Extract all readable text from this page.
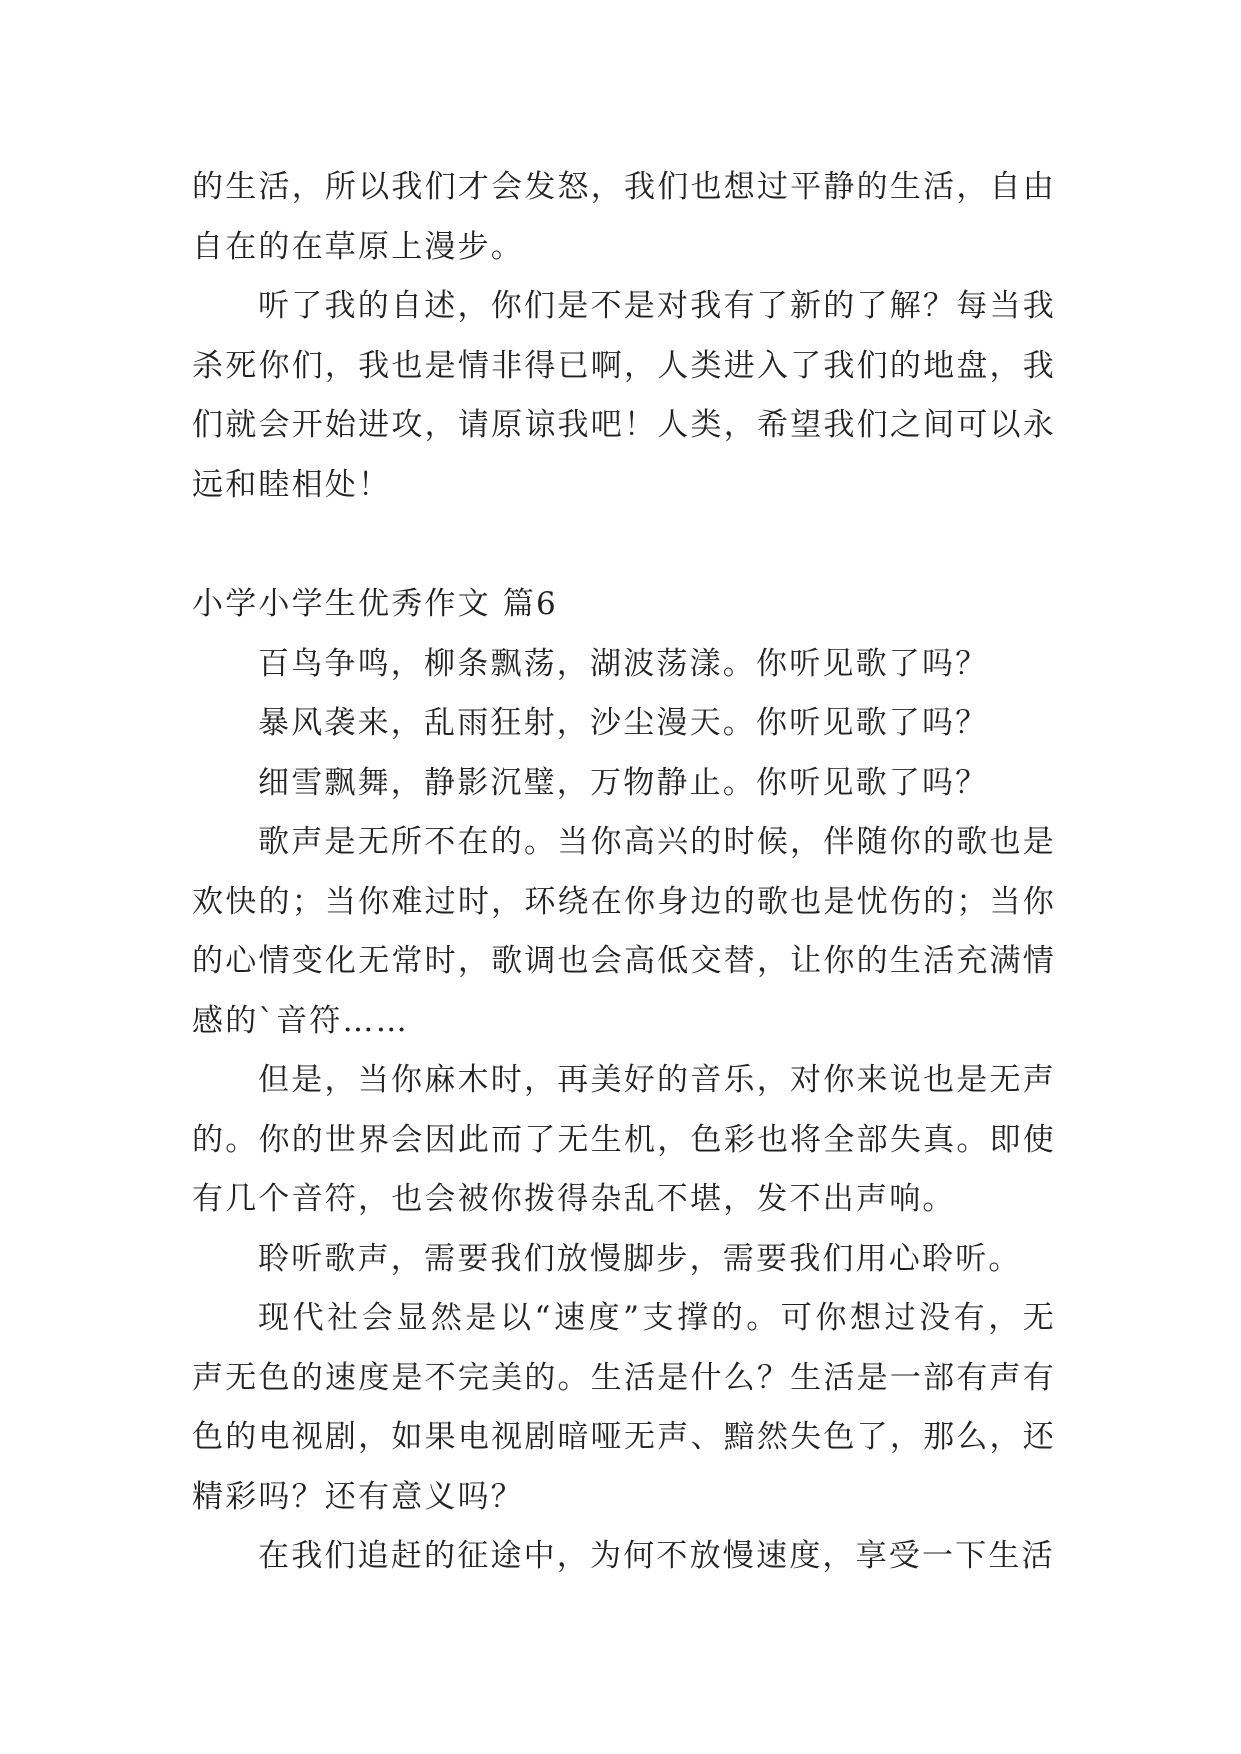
的生活，所以我们才会发怒，我们也想过平静的生活，自由自在的在草原上漫步。

听了我的自述，你们是不是对我有了新的了解？每当我杀死你们，我也是情非得已啊，人类进入了我们的地盘，我们就会开始进攻，请原谅我吧！人类，希望我们之间可以永远和睦相处！

小学小学生优秀作文 篇6

百鸟争鸣，柳条飘荡，湖波荡漾。你听见歌了吗？

暴风袭来，乱雨狂射，沙尘漫天。你听见歌了吗？

细雪飘舞，静影沉璧，万物静止。你听见歌了吗？

歌声是无所不在的。当你高兴的时候，伴随你的歌也是欢快的；当你难过时，环绕在你身边的歌也是忧伤的；当你的心情变化无常时，歌调也会高低交替，让你的生活充满情感的`音符……

但是，当你麻木时，再美好的音乐，对你来说也是无声的。你的世界会因此而了无生机，色彩也将全部失真。即使有几个音符，也会被你拨得杂乱不堪，发不出声响。

聆听歌声，需要我们放慢脚步，需要我们用心聆听。

现代社会显然是以“速度”支撑的。可你想过没有，无声无色的速度是不完美的。生活是什么？生活是一部有声有色的电视剧，如果电视剧暗哑无声、黯然失色了，那么，还精彩吗？还有意义吗？

在我们追赶的征途中，为何不放慢速度，享受一下生活
